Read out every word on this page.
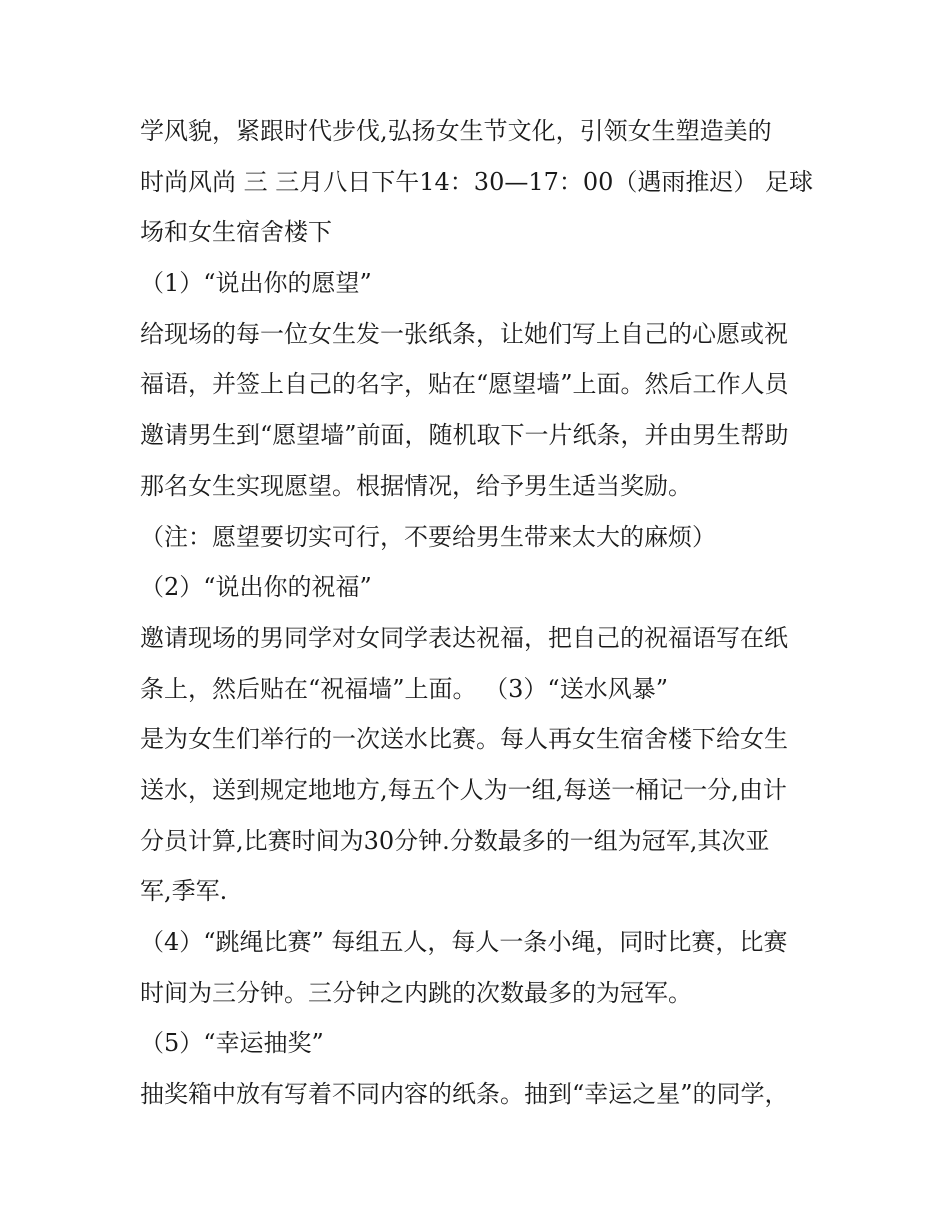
学风貌，紧跟时代步伐,弘扬女生节文化，引领女生塑造美的
时尚风尚 三 三月八日下午14：30—17：00（遇雨推迟） 足球
场和女生宿舍楼下
（1）“说出你的愿望”
给现场的每一位女生发一张纸条，让她们写上自己的心愿或祝
福语，并签上自己的名字，贴在“愿望墙”上面。然后工作人员
邀请男生到“愿望墙”前面，随机取下一片纸条，并由男生帮助
那名女生实现愿望。根据情况，给予男生适当奖励。
（注：愿望要切实可行，不要给男生带来太大的麻烦）
（2）“说出你的祝福”
邀请现场的男同学对女同学表达祝福，把自己的祝福语写在纸
条上，然后贴在“祝福墙”上面。 （3）“送水风暴”
是为女生们举行的一次送水比赛。每人再女生宿舍楼下给女生
送水，送到规定地地方,每五个人为一组,每送一桶记一分,由计
分员计算,比赛时间为30分钟.分数最多的一组为冠军,其次亚
军,季军.
（4）“跳绳比赛” 每组五人，每人一条小绳，同时比赛，比赛
时间为三分钟。三分钟之内跳的次数最多的为冠军。
（5）“幸运抽奖”
抽奖箱中放有写着不同内容的纸条。抽到“幸运之星”的同学，
